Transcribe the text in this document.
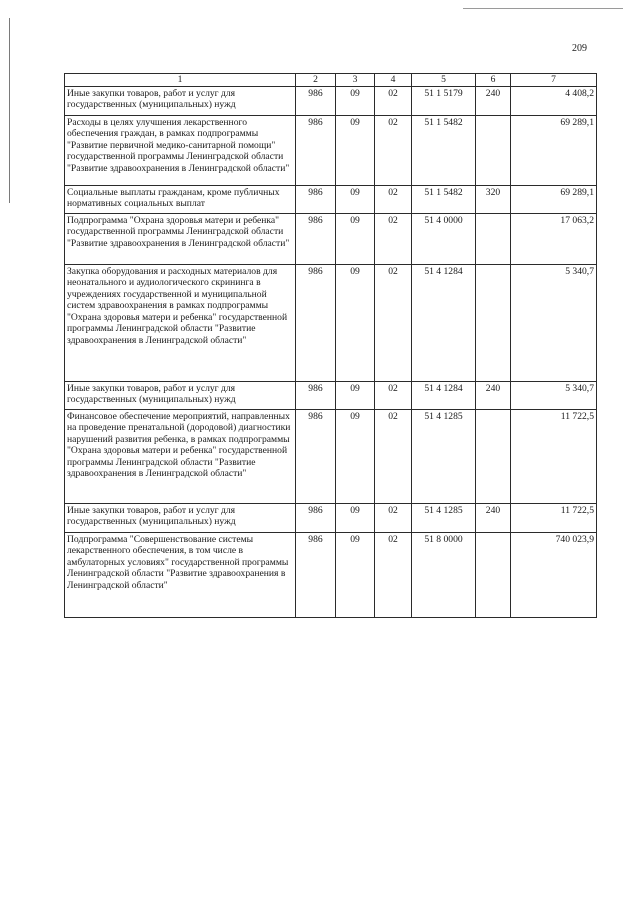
209
1	2	3	4	5	6	7
Иные закупки товаров, работ и услуг для государственных (муниципальных) нужд	986	09	02	51 1 5179	240	4 408,2
Расходы в целях улучшения лекарственного обеспечения граждан, в рамках подпрограммы "Развитие первичной медико-санитарной помощи" государственной программы Ленинградской области "Развитие здравоохранения в Ленинградской области"	986	09	02	51 1 5482		69 289,1
Социальные выплаты гражданам, кроме публичных нормативных социальных выплат	986	09	02	51 1 5482	320	69 289,1
Подпрограмма "Охрана здоровья матери и ребенка" государственной программы Ленинградской области "Развитие здравоохранения в Ленинградской области"	986	09	02	51 4 0000		17 063,2
Закупка оборудования и расходных материалов для неонатального и аудиологического скрининга в учреждениях государственной и муниципальной систем здравоохранения в рамках подпрограммы "Охрана здоровья матери и ребенка" государственной программы Ленинградской области "Развитие здравоохранения в Ленинградской области"	986	09	02	51 4 1284		5 340,7
Иные закупки товаров, работ и услуг для государственных (муниципальных) нужд	986	09	02	51 4 1284	240	5 340,7
Финансовое обеспечение мероприятий, направленных на проведение пренатальной (дородовой) диагностики нарушений развития ребенка, в рамках подпрограммы "Охрана здоровья матери и ребенка" государственной программы Ленинградской области "Развитие здравоохранения в Ленинградской области"	986	09	02	51 4 1285		11 722,5
Иные закупки товаров, работ и услуг для государственных (муниципальных) нужд	986	09	02	51 4 1285	240	11 722,5
Подпрограмма "Совершенствование системы лекарственного обеспечения, в том числе в амбулаторных условиях" государственной программы Ленинградской области "Развитие здравоохранения в Ленинградской области"	986	09	02	51 8 0000		740 023,9
